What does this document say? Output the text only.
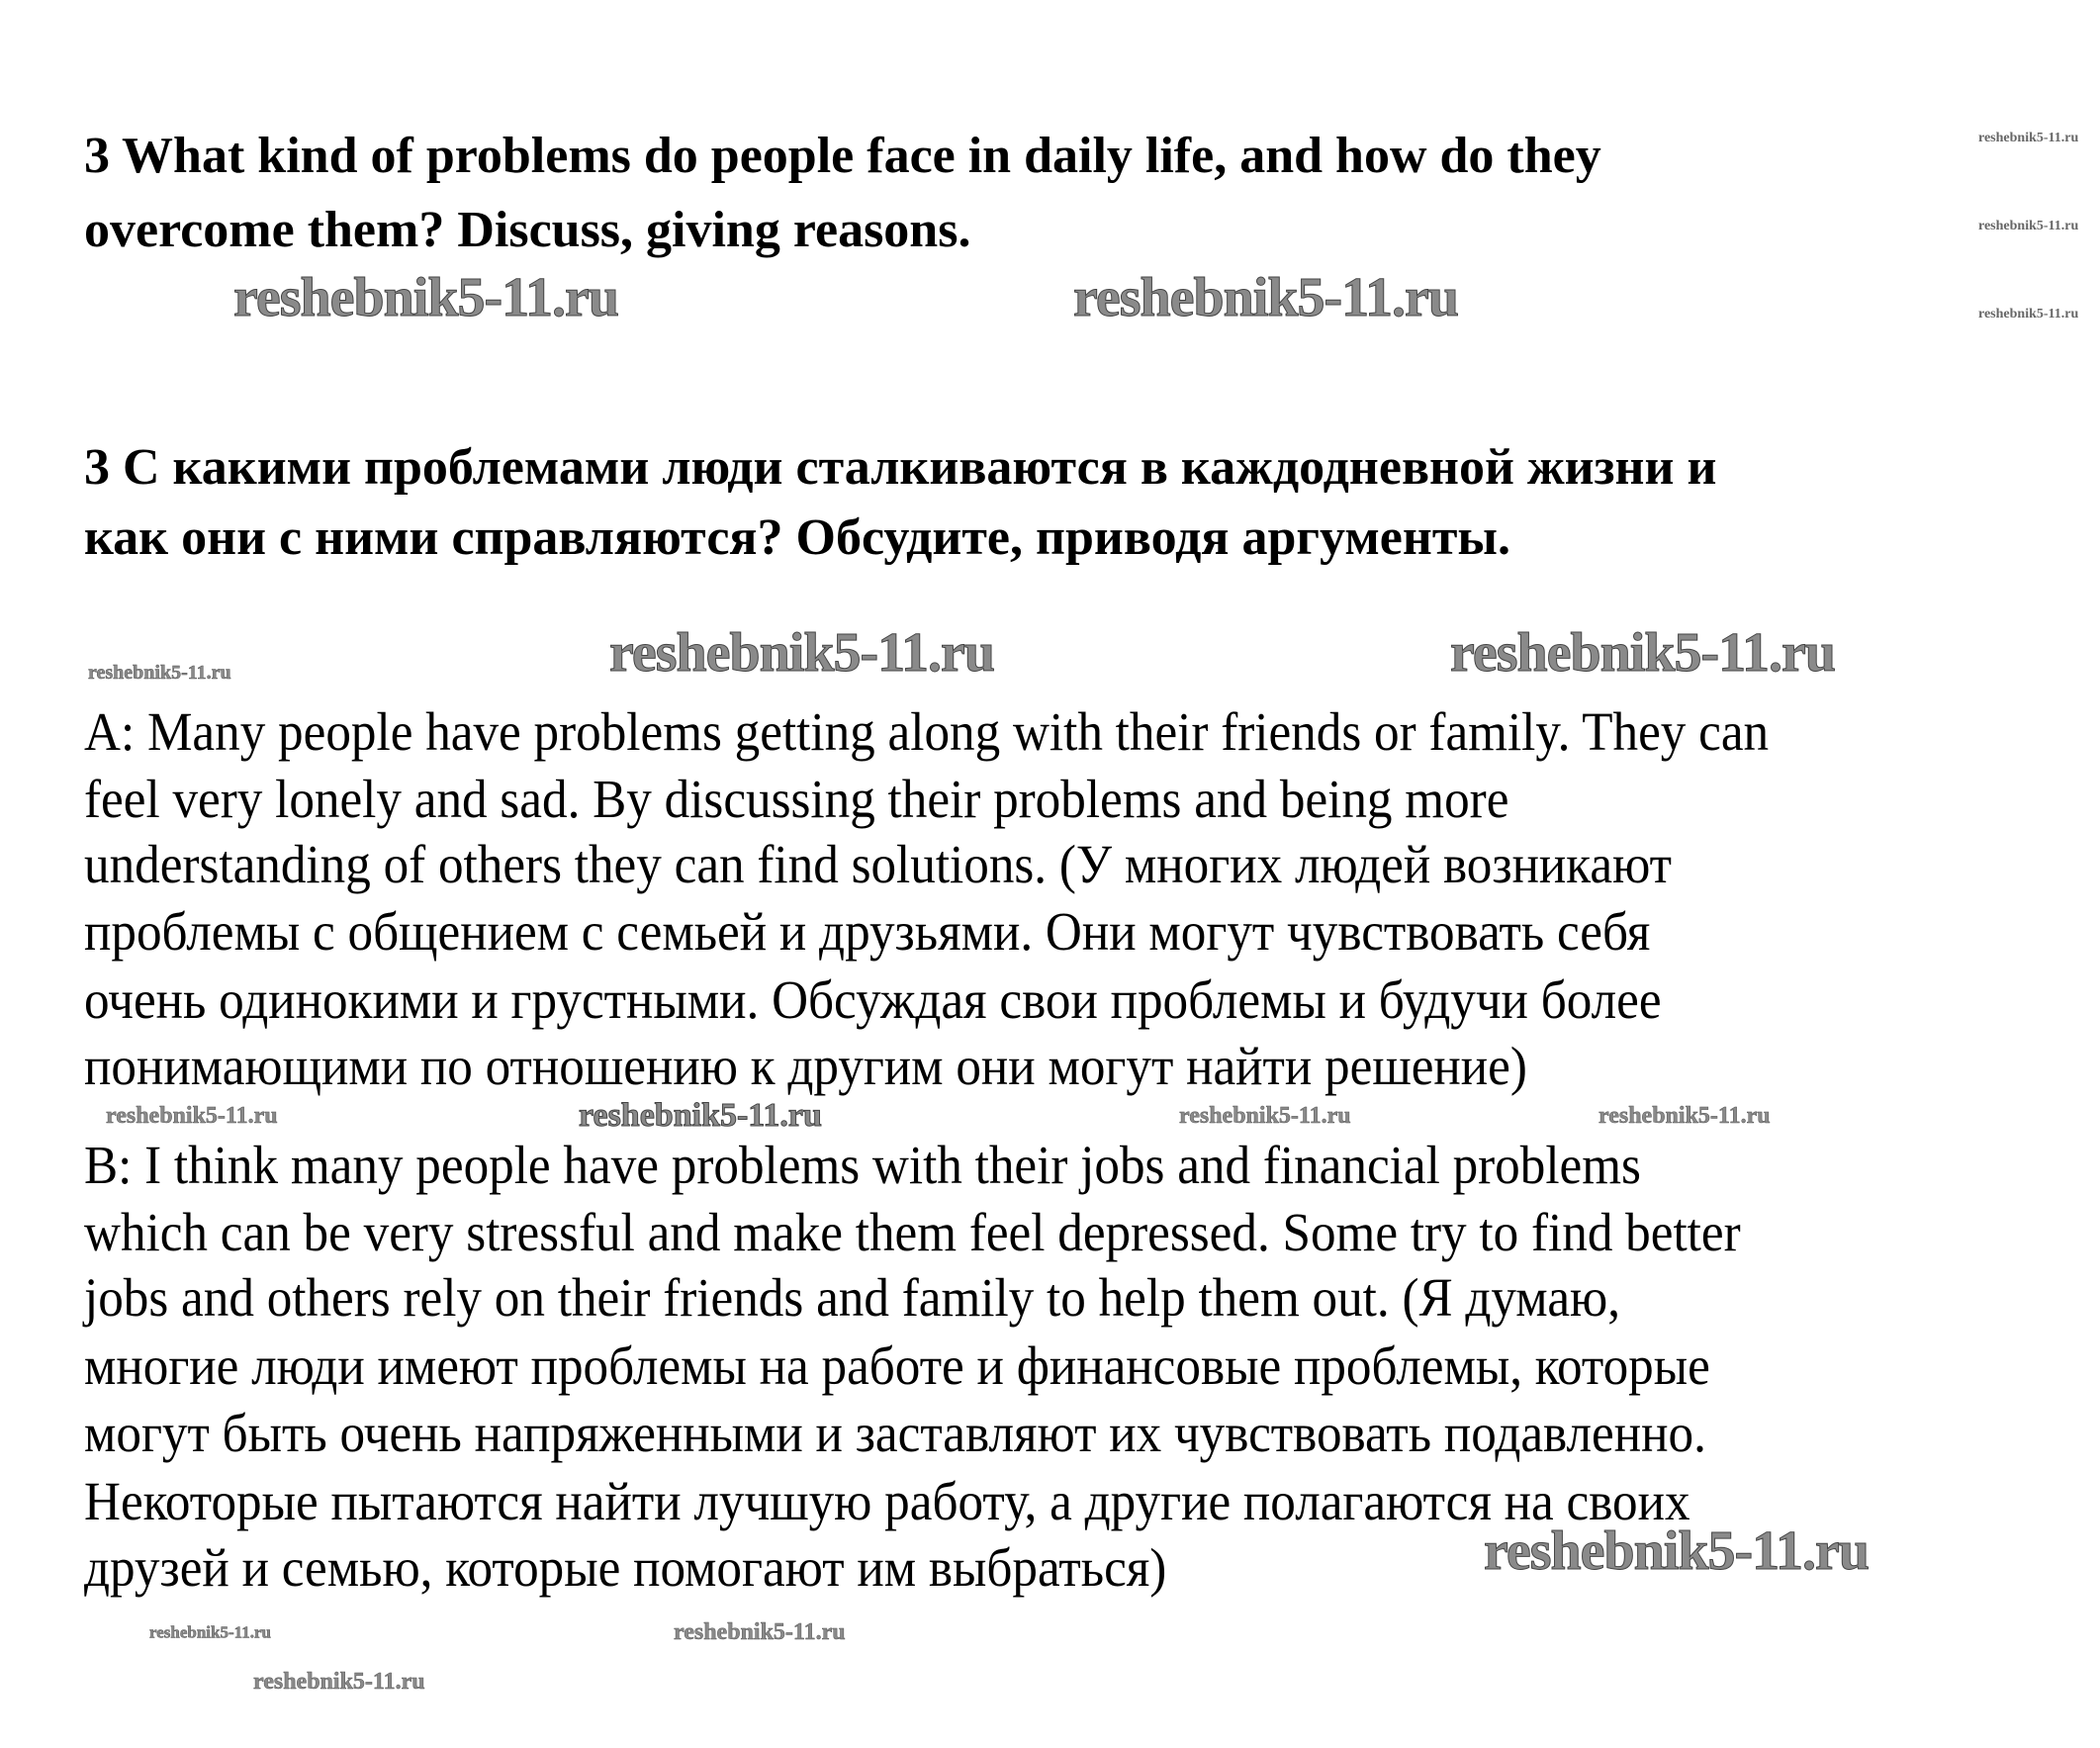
3 What kind of problems do people face in daily life, and how do they
overcome them? Discuss, giving reasons.
3 С какими проблемами люди сталкиваются в каждодневной жизни и
как они с ними справляются? Обсудите, приводя аргументы.
A: Many people have problems getting along with their friends or family. They can
feel very lonely and sad. By discussing their problems and being more
understanding of others they can find solutions. (У многих людей возникают
проблемы с общением с семьей и друзьями. Они могут чувствовать себя
очень одинокими и грустными. Обсуждая свои проблемы и будучи более
понимающими по отношению к другим они могут найти решение)
B: I think many people have problems with their jobs and financial problems
which can be very stressful and make them feel depressed. Some try to find better
jobs and others rely on their friends and family to help them out. (Я думаю,
многие люди имеют проблемы на работе и финансовые проблемы, которые
могут быть очень напряженными и заставляют их чувствовать подавленно.
Некоторые пытаются найти лучшую работу, а другие полагаются на своих
друзей и семью, которые помогают им выбраться)
reshebnik5-11.ru
reshebnik5-11.ru
reshebnik5-11.ru
reshebnik5-11.ru	reshebnik5-11.ru
reshebnik5-11.ru	reshebnik5-11.ru	reshebnik5-11.ru
reshebnik5-11.ru
reshebnik5-11.ru	reshebnik5-11.ru	reshebnik5-11.ru	reshebnik5-11.ru
reshebnik5-11.ru
reshebnik5-11.ru
reshebnik5-11.ru
